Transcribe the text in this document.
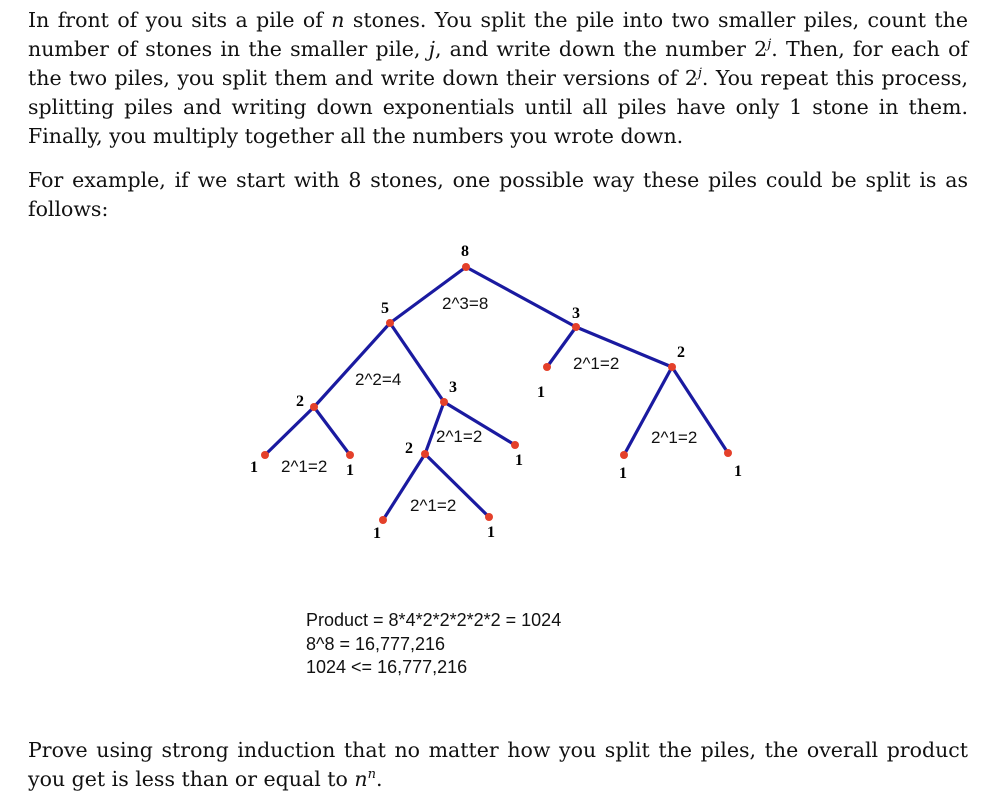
In front of you sits a pile of n stones. You split the pile into two smaller piles, count the number of stones in the smaller pile, j, and write down the number 2$^j$. Then, for each of the two piles, you split them and write down their versions of 2$^j$. You repeat this process, splitting piles and writing down exponentials until all piles have only 1 stone in them. Finally, you multiply together all the numbers you wrote down.
For example, if we start with 8 stones, one possible way these piles could be split is as follows:
8
5	3
2
3
2
2
1	1
1
1	1
1
1	1
2^3=8
2^2=4
2^1=2
2^1=2
2^1=2
2^1=2
2^1=2
Product = 8*4*2*2*2*2*2 = 1024
8^8 = 16,777,216
1024 <= 16,777,216
Prove using strong induction that no matter how you split the piles, the overall product you get is less than or equal to $n^n$.
